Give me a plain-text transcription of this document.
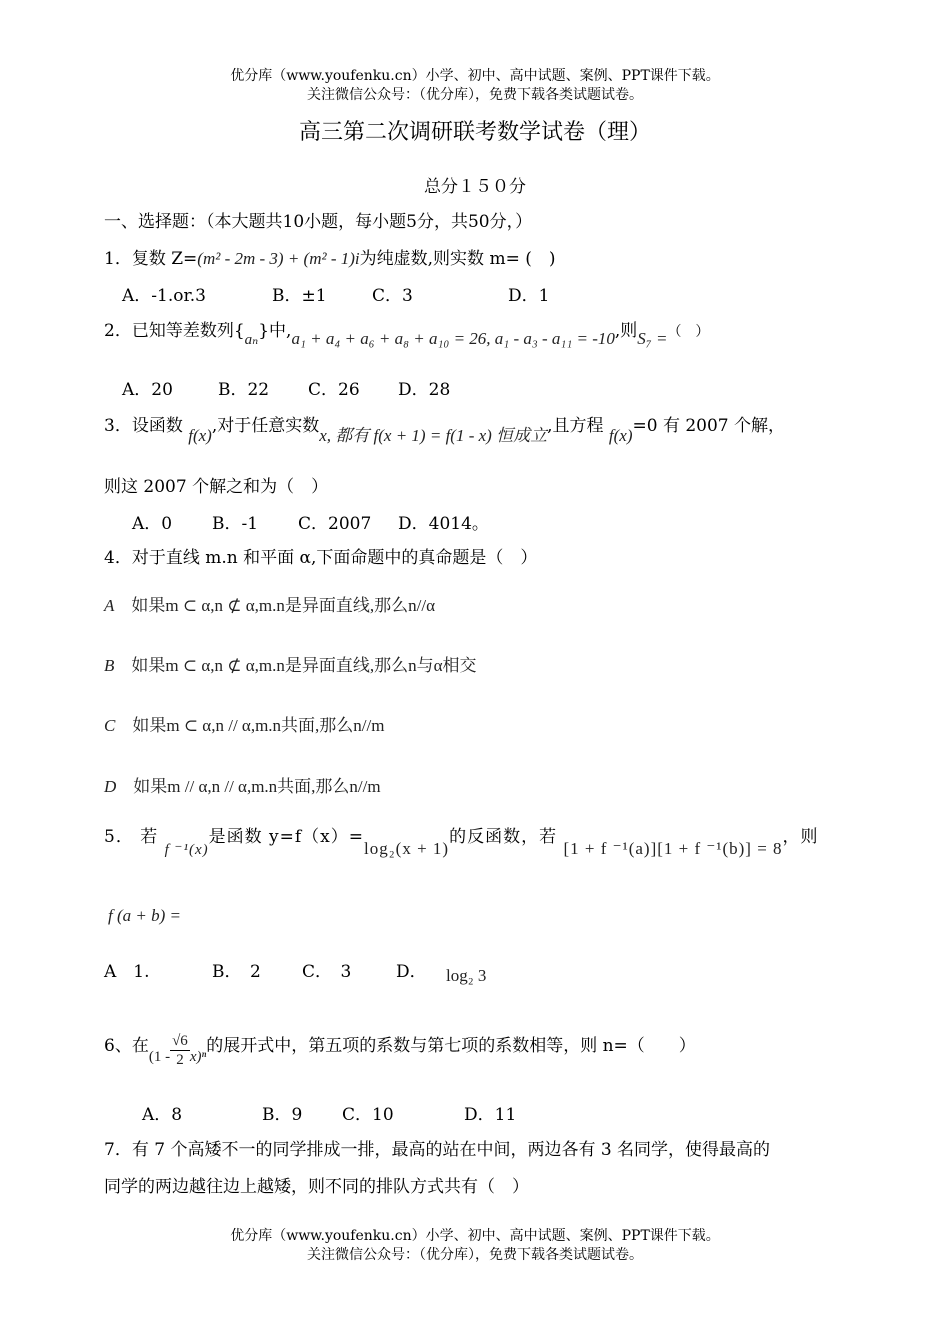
优分库（www.youfenku.cn）小学、初中、高中试题、案例、PPT课件下载。
关注微信公众号：（优分库），免费下载各类试题试卷。
高三第二次调研联考数学试卷（理）
总分１５０分
一、选择题：（本大题共10小题，每小题5分，共50分，）
1．复数 Z=(m² - 2m - 3) + (m² - 1)i为纯虚数,则实数 m= (　)
A．-1.or.3	B．±1	C．3	D．1
2．已知等差数列{aₙ}中,a₁ + a₄ + a₆ + a₈ + a₁₀ = 26, a₁ - a₃ - a₁₁ = -10,则S₇ =（　）
A．20	B．22 C．26 D．28
3．设函数 f(x),对于任意实数x, 都有 f(x + 1) = f(1 - x) 恒成立,且方程 f(x)=0 有 2007 个解，
则这 2007 个解之和为（　）
A．0 B．-1 C．2007 D．4014。
4．对于直线 m.n 和平面 α,下面命题中的真命题是（　）
A　 如果m ⊂ α,n ⊄ α,m.n是异面直线,那么n//α
B　 如果m ⊂ α,n ⊄ α,m.n是异面直线,那么n与α相交
C　 如果m ⊂ α,n // α,m.n共面,那么n//m
D　 如果m // α,n // α,m.n共面,那么n//m
5． 若 f ⁻¹(x)是函数 y=f（x）=log₂(x + 1)的反函数，若 [1 + f ⁻¹(a)][1 + f ⁻¹(b)] = 8，则
f (a + b) =
A　1.	B．　2 C．　3	D． log₂ 3
6、在$(1 - \frac{√6}{2} x)^n$的展开式中，第五项的系数与第七项的系数相等，则 n=（　　）
A．8	B．9 C．10	D．11
7．有 7 个高矮不一的同学排成一排，最高的站在中间，两边各有 3 名同学，使得最高的
同学的两边越往边上越矮，则不同的排队方式共有（　）
优分库（www.youfenku.cn）小学、初中、高中试题、案例、PPT课件下载。
关注微信公众号：（优分库），免费下载各类试题试卷。
